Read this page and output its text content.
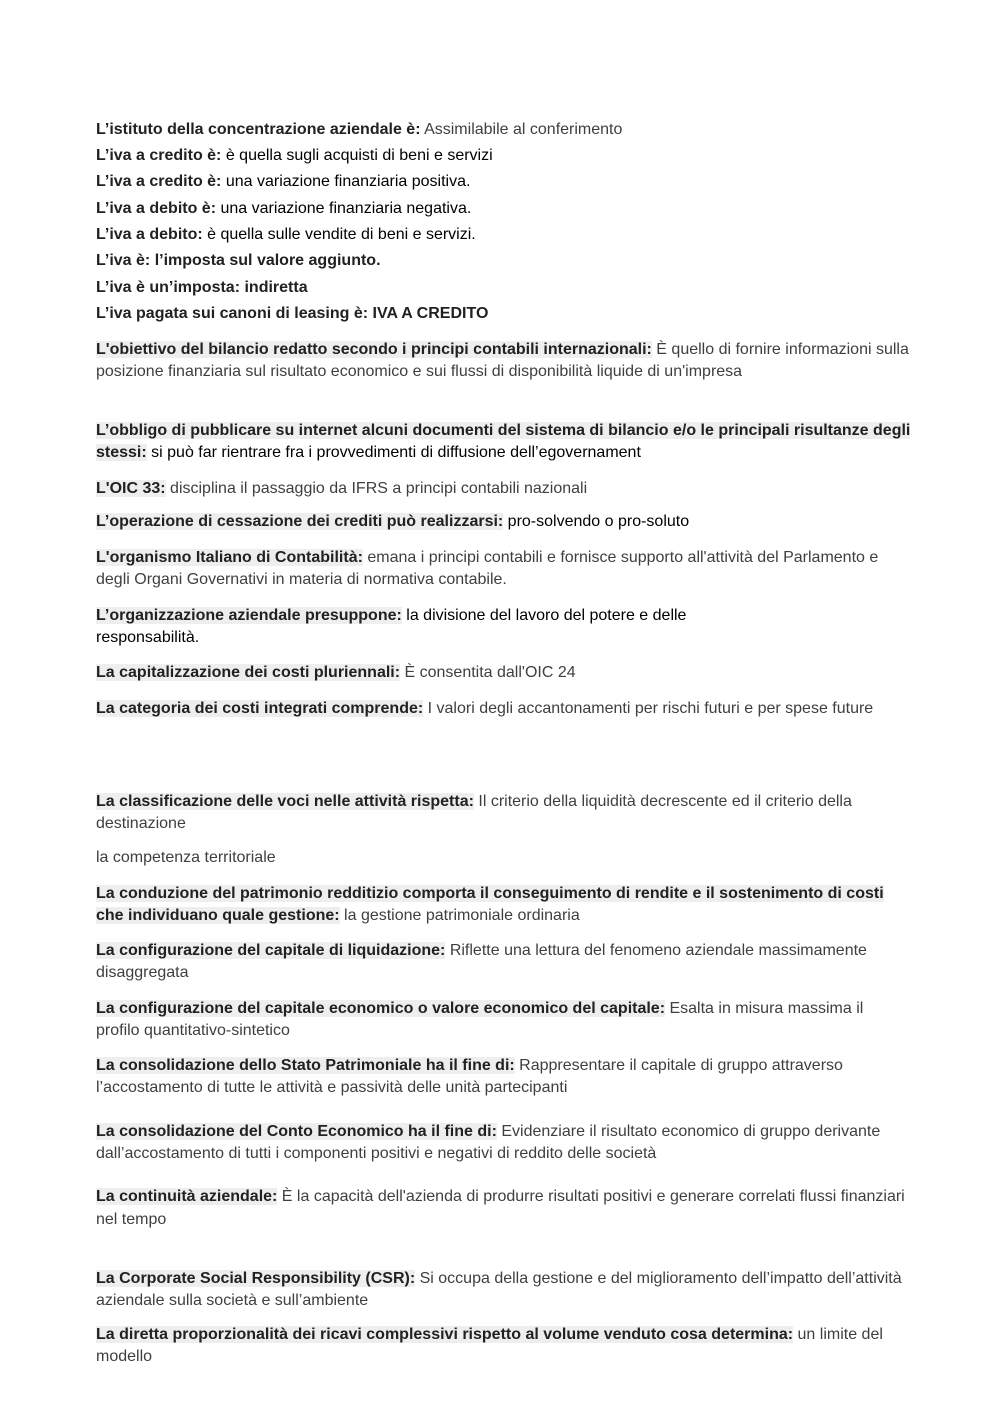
L’istituto della concentrazione aziendale è: Assimilabile al conferimento

L’iva a credito è: è quella sugli acquisti di beni e servizi

L’iva a credito è: una variazione finanziaria positiva.

L’iva a debito è: una variazione finanziaria negativa.

L’iva a debito: è quella sulle vendite di beni e servizi.

L’iva è: l’imposta sul valore aggiunto.

L’iva è un’imposta: indiretta

L’iva pagata sui canoni di leasing è: IVA A CREDITO

L'obiettivo del bilancio redatto secondo i principi contabili internazionali: È quello di fornire informazioni sulla posizione finanziaria sul risultato economico e sui flussi di disponibilità liquide di un'impresa

L’obbligo di pubblicare su internet alcuni documenti del sistema di bilancio e/o le principali risultanze degli stessi: si può far rientrare fra i provvedimenti di diffusione dell’egovernament

L'OIC 33: disciplina il passaggio da IFRS a principi contabili nazionali

L’operazione di cessazione dei crediti può realizzarsi: pro-solvendo o pro-soluto

L'organismo Italiano di Contabilità: emana i principi contabili e fornisce supporto all'attività del Parlamento e degli Organi Governativi in materia di normativa contabile.

L’organizzazione aziendale presuppone: la divisione del lavoro del potere e delle responsabilità.

La capitalizzazione dei costi pluriennali: È consentita dall'OIC 24

La categoria dei costi integrati comprende: I valori degli accantonamenti per rischi futuri e per spese future

La classificazione delle voci nelle attività rispetta: Il criterio della liquidità decrescente ed il criterio della destinazione

la competenza territoriale

La conduzione del patrimonio redditizio comporta il conseguimento di rendite e il sostenimento di costi che individuano quale gestione: la gestione patrimoniale ordinaria

La configurazione del capitale di liquidazione: Riflette una lettura del fenomeno aziendale massimamente disaggregata

La configurazione del capitale economico o valore economico del capitale: Esalta in misura massima il profilo quantitativo-sintetico

La consolidazione dello Stato Patrimoniale ha il fine di: Rappresentare il capitale di gruppo attraverso l’accostamento di tutte le attività e passività delle unità partecipanti

La consolidazione del Conto Economico ha il fine di: Evidenziare il risultato economico di gruppo derivante dall’accostamento di tutti i componenti positivi e negativi di reddito delle società

La continuità aziendale: È la capacità dell'azienda di produrre risultati positivi e generare correlati flussi finanziari nel tempo

La Corporate Social Responsibility (CSR): Si occupa della gestione e del miglioramento dell’impatto dell’attività aziendale sulla società e sull’ambiente

La diretta proporzionalità dei ricavi complessivi rispetto al volume venduto cosa determina: un limite del modello
